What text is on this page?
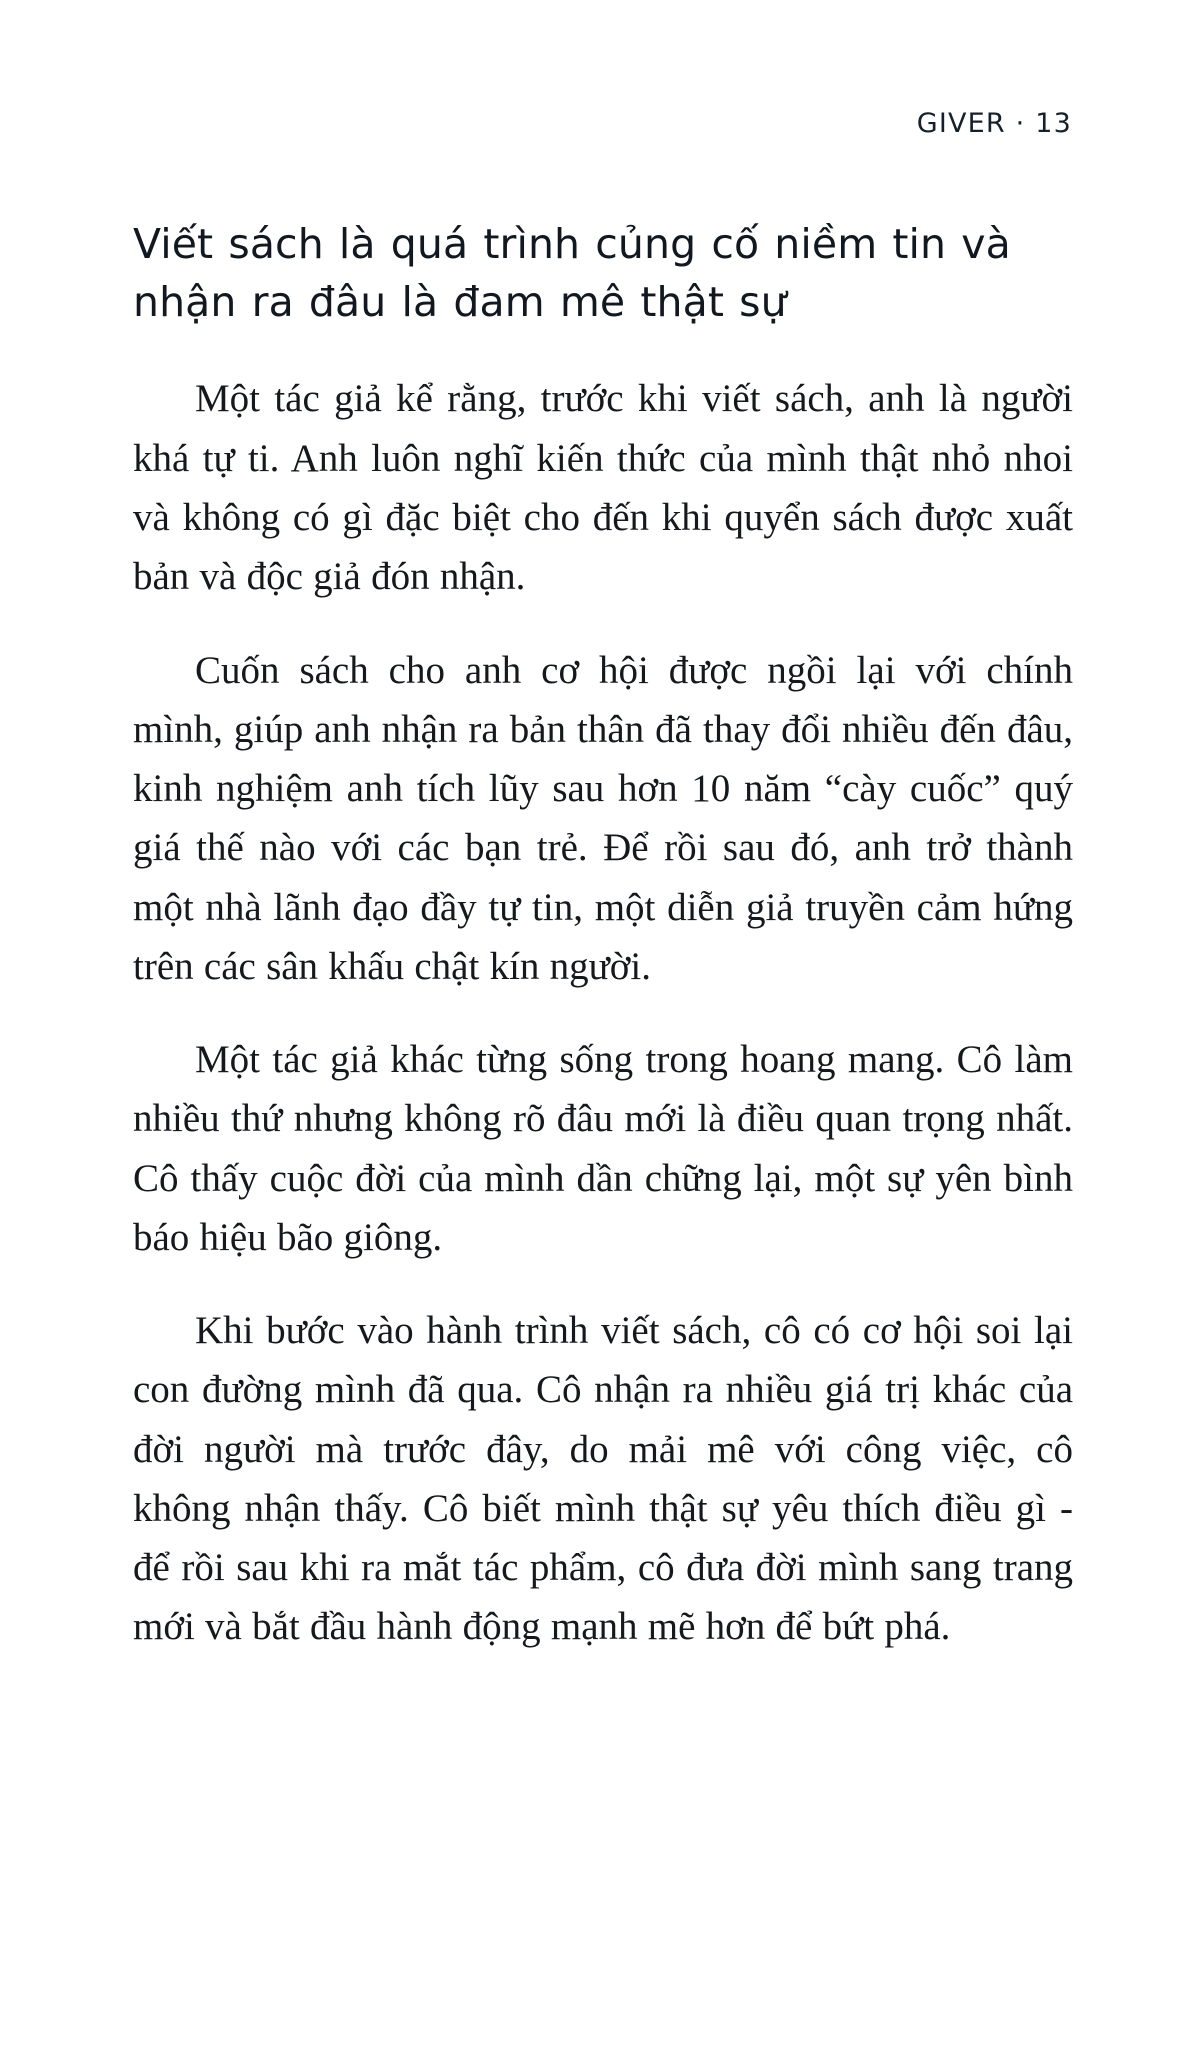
GIVER · 13
Viết sách là quá trình củng cố niềm tin và nhận ra đâu là đam mê thật sự

Một tác giả kể rằng, trước khi viết sách, anh là người khá tự ti. Anh luôn nghĩ kiến thức của mình thật nhỏ nhoi và không có gì đặc biệt cho đến khi quyển sách được xuất bản và độc giả đón nhận.

Cuốn sách cho anh cơ hội được ngồi lại với chính mình, giúp anh nhận ra bản thân đã thay đổi nhiều đến đâu, kinh nghiệm anh tích lũy sau hơn 10 năm “cày cuốc” quý giá thế nào với các bạn trẻ. Để rồi sau đó, anh trở thành một nhà lãnh đạo đầy tự tin, một diễn giả truyền cảm hứng trên các sân khấu chật kín người.

Một tác giả khác từng sống trong hoang mang. Cô làm nhiều thứ nhưng không rõ đâu mới là điều quan trọng nhất. Cô thấy cuộc đời của mình dần chững lại, một sự yên bình báo hiệu bão giông.

Khi bước vào hành trình viết sách, cô có cơ hội soi lại con đường mình đã qua. Cô nhận ra nhiều giá trị khác của đời người mà trước đây, do mải mê với công việc, cô không nhận thấy. Cô biết mình thật sự yêu thích điều gì - để rồi sau khi ra mắt tác phẩm, cô đưa đời mình sang trang mới và bắt đầu hành động mạnh mẽ hơn để bứt phá.
